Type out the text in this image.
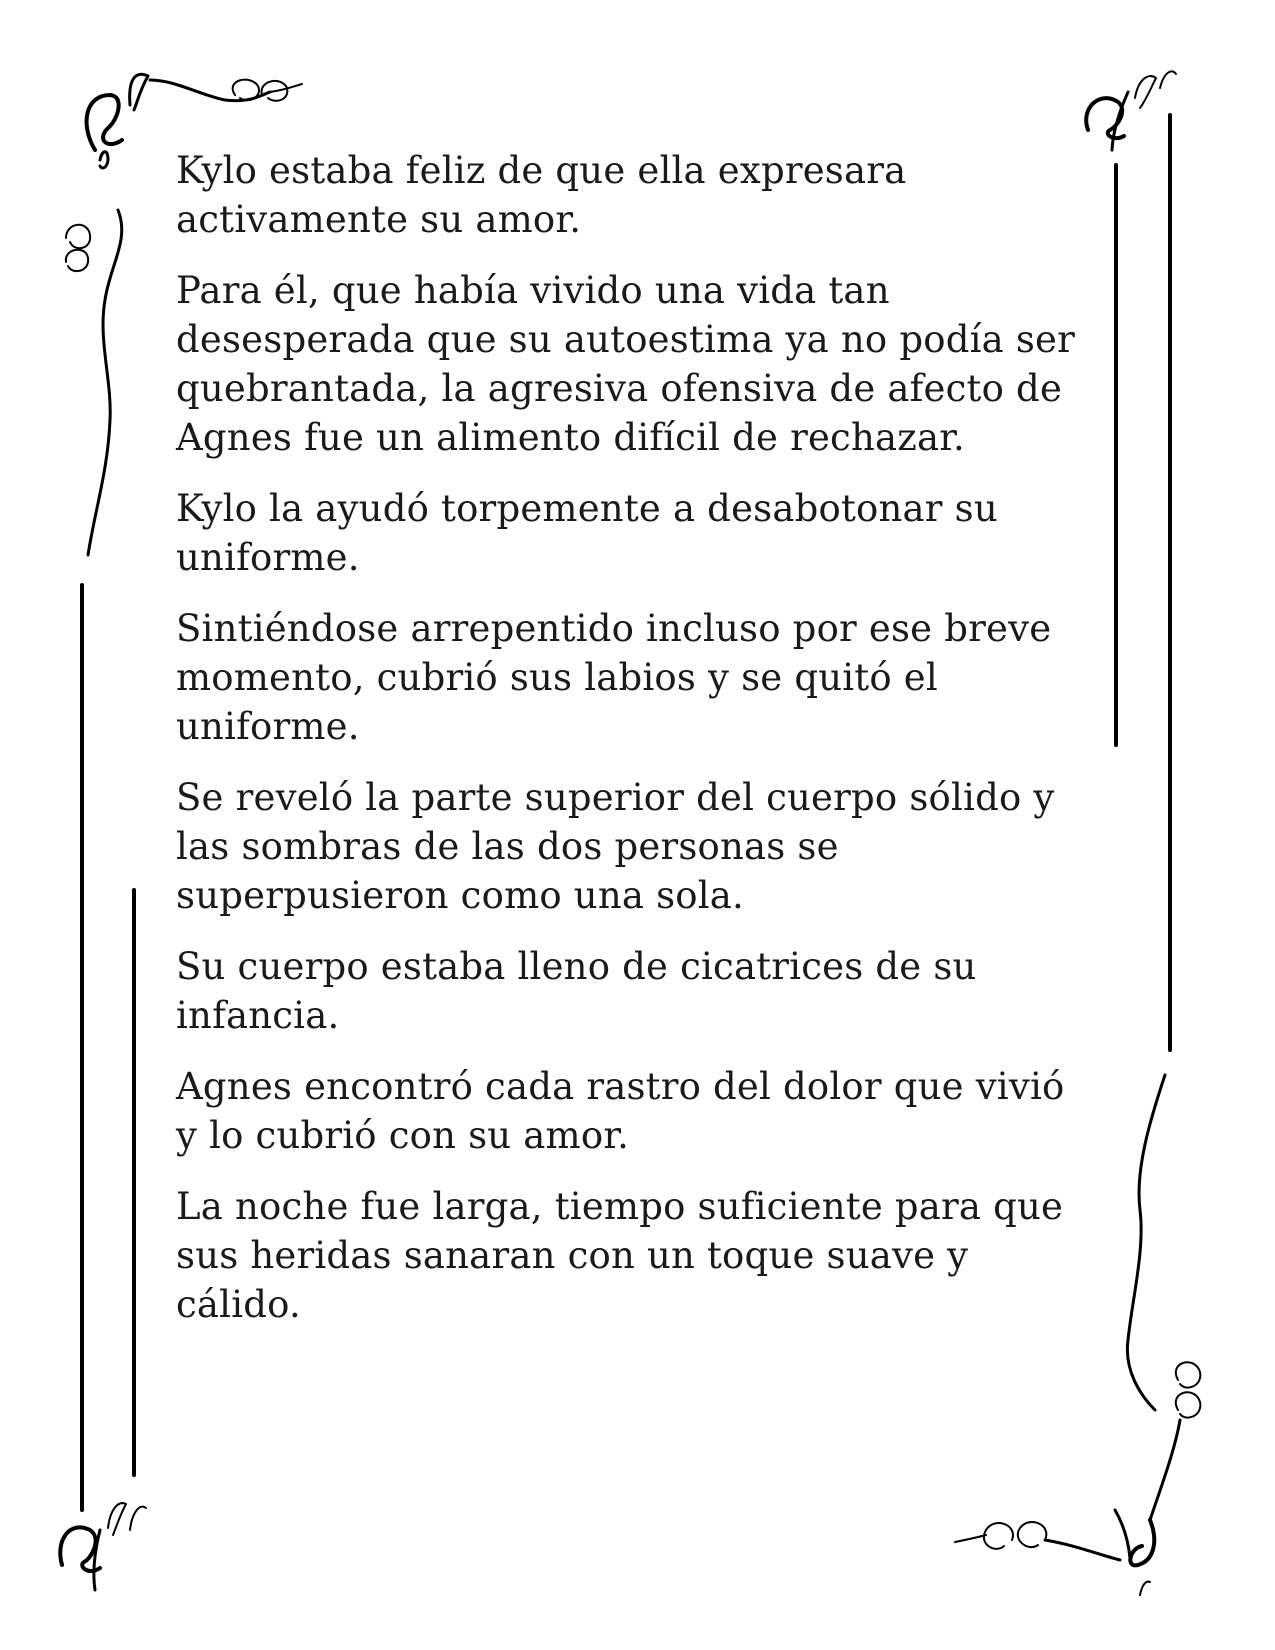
Kylo estaba feliz de que ella expresara
activamente su amor.

Para él, que había vivido una vida tan
desesperada que su autoestima ya no podía ser
quebrantada, la agresiva ofensiva de afecto de
Agnes fue un alimento difícil de rechazar.

Kylo la ayudó torpemente a desabotonar su
uniforme.

Sintiéndose arrepentido incluso por ese breve
momento, cubrió sus labios y se quitó el
uniforme.

Se reveló la parte superior del cuerpo sólido y
las sombras de las dos personas se
superpusieron como una sola.

Su cuerpo estaba lleno de cicatrices de su
infancia.

Agnes encontró cada rastro del dolor que vivió
y lo cubrió con su amor.

La noche fue larga, tiempo suficiente para que
sus heridas sanaran con un toque suave y
cálido.
